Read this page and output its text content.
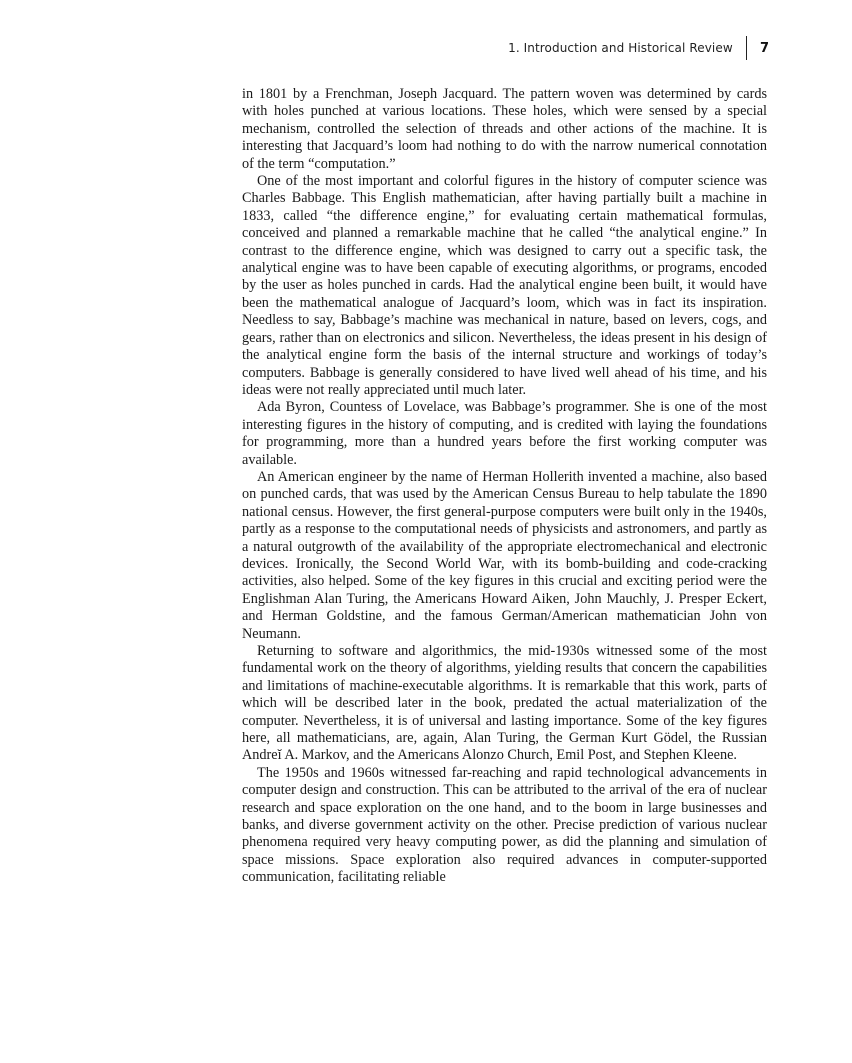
1. Introduction and Historical Review 7

in 1801 by a Frenchman, Joseph Jacquard. The pattern woven was determined by cards with holes punched at various locations. These holes, which were sensed by a special mechanism, controlled the selection of threads and other actions of the machine. It is interesting that Jacquard’s loom had nothing to do with the narrow numerical connotation of the term “computation.”

One of the most important and colorful figures in the history of computer science was Charles Babbage. This English mathematician, after having partially built a machine in 1833, called “the difference engine,” for evaluating certain mathematical formulas, conceived and planned a remarkable machine that he called “the analytical engine.” In contrast to the difference engine, which was designed to carry out a specific task, the analytical engine was to have been capable of executing algorithms, or programs, encoded by the user as holes punched in cards. Had the analytical engine been built, it would have been the mathematical analogue of Jacquard’s loom, which was in fact its inspiration. Needless to say, Babbage’s machine was mechanical in nature, based on levers, cogs, and gears, rather than on electronics and silicon. Nevertheless, the ideas present in his design of the analytical engine form the basis of the internal structure and workings of today’s computers. Babbage is generally considered to have lived well ahead of his time, and his ideas were not really appreciated until much later.

Ada Byron, Countess of Lovelace, was Babbage’s programmer. She is one of the most interesting figures in the history of computing, and is credited with laying the foundations for programming, more than a hundred years before the first working computer was available.

An American engineer by the name of Herman Hollerith invented a machine, also based on punched cards, that was used by the American Census Bureau to help tabulate the 1890 national census. However, the first general-purpose computers were built only in the 1940s, partly as a response to the computational needs of physicists and astronomers, and partly as a natural outgrowth of the availability of the appropriate electromechanical and electronic devices. Ironically, the Second World War, with its bomb-building and code-cracking activities, also helped. Some of the key figures in this crucial and exciting period were the Englishman Alan Turing, the Americans Howard Aiken, John Mauchly, J. Presper Eckert, and Herman Goldstine, and the famous German/American mathematician John von Neumann.

Returning to software and algorithmics, the mid-1930s witnessed some of the most fundamental work on the theory of algorithms, yielding results that concern the capabilities and limitations of machine-executable algorithms. It is remarkable that this work, parts of which will be described later in the book, predated the actual materialization of the computer. Nevertheless, it is of universal and lasting importance. Some of the key figures here, all mathematicians, are, again, Alan Turing, the German Kurt Gödel, the Russian Andreĭ A. Markov, and the Americans Alonzo Church, Emil Post, and Stephen Kleene.

The 1950s and 1960s witnessed far-reaching and rapid technological advancements in computer design and construction. This can be attributed to the arrival of the era of nuclear research and space exploration on the one hand, and to the boom in large businesses and banks, and diverse government activity on the other. Precise prediction of various nuclear phenomena required very heavy computing power, as did the planning and simulation of space missions. Space exploration also required advances in computer-supported communication, facilitating reliable
